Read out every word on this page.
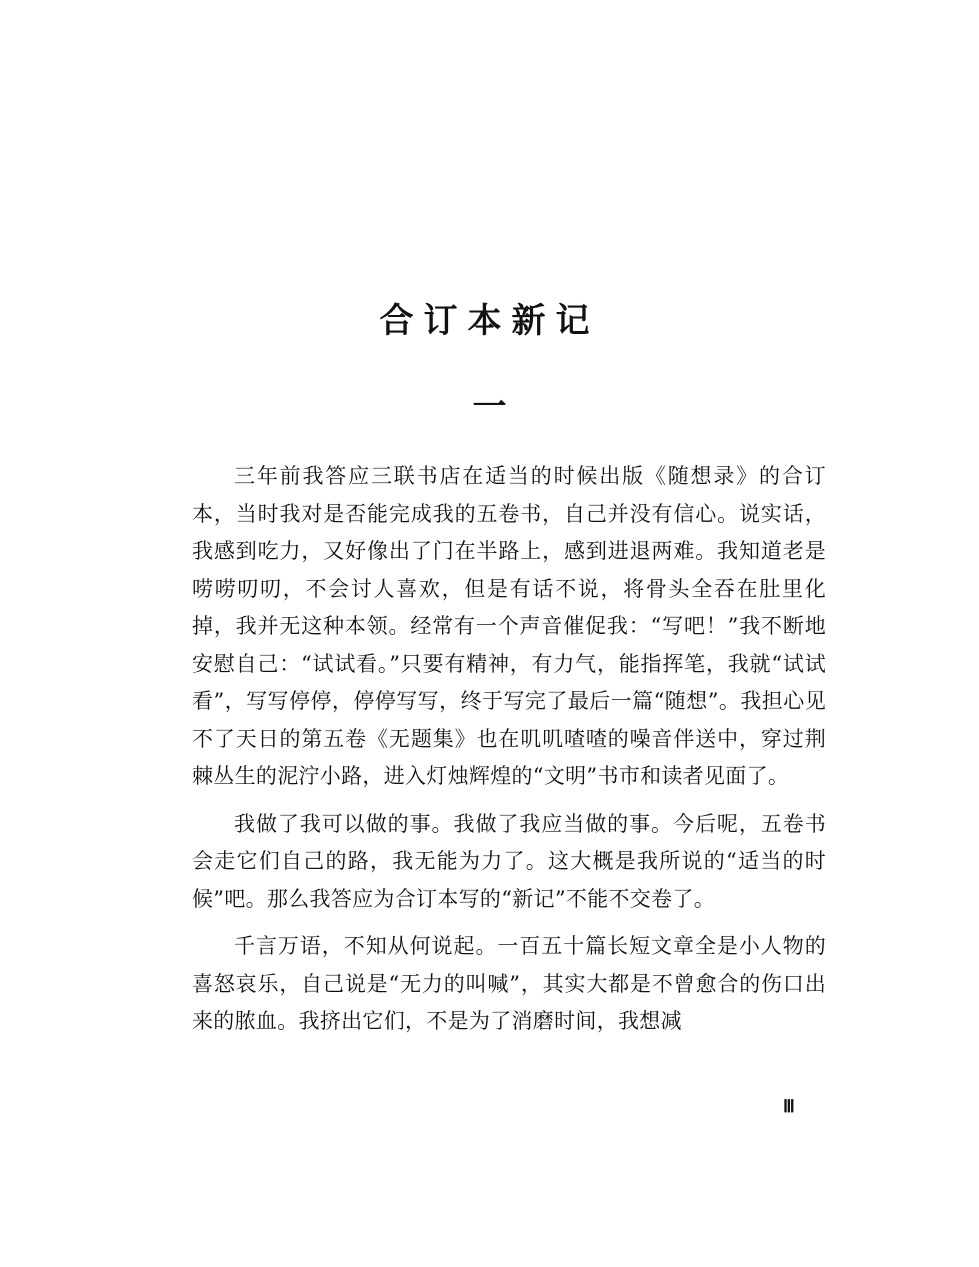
合订本新记
一

三年前我答应三联书店在适当的时候出版《随想录》的合订本，当时我对是否能完成我的五卷书，自己并没有信心。说实话，我感到吃力，又好像出了门在半路上，感到进退两难。我知道老是唠唠叨叨，不会讨人喜欢，但是有话不说，将骨头全吞在肚里化掉，我并无这种本领。经常有一个声音催促我：“写吧！”我不断地安慰自己：“试试看。”只要有精神，有力气，能指挥笔，我就“试试看”，写写停停，停停写写，终于写完了最后一篇“随想”。我担心见不了天日的第五卷《无题集》也在叽叽喳喳的噪音伴送中，穿过荆棘丛生的泥泞小路，进入灯烛辉煌的“文明”书市和读者见面了。

我做了我可以做的事。我做了我应当做的事。今后呢，五卷书会走它们自己的路，我无能为力了。这大概是我所说的“适当的时候”吧。那么我答应为合订本写的“新记”不能不交卷了。

千言万语，不知从何说起。一百五十篇长短文章全是小人物的喜怒哀乐，自己说是“无力的叫喊”，其实大都是不曾愈合的伤口出来的脓血。我挤出它们，不是为了消磨时间，我想减

Ⅲ
